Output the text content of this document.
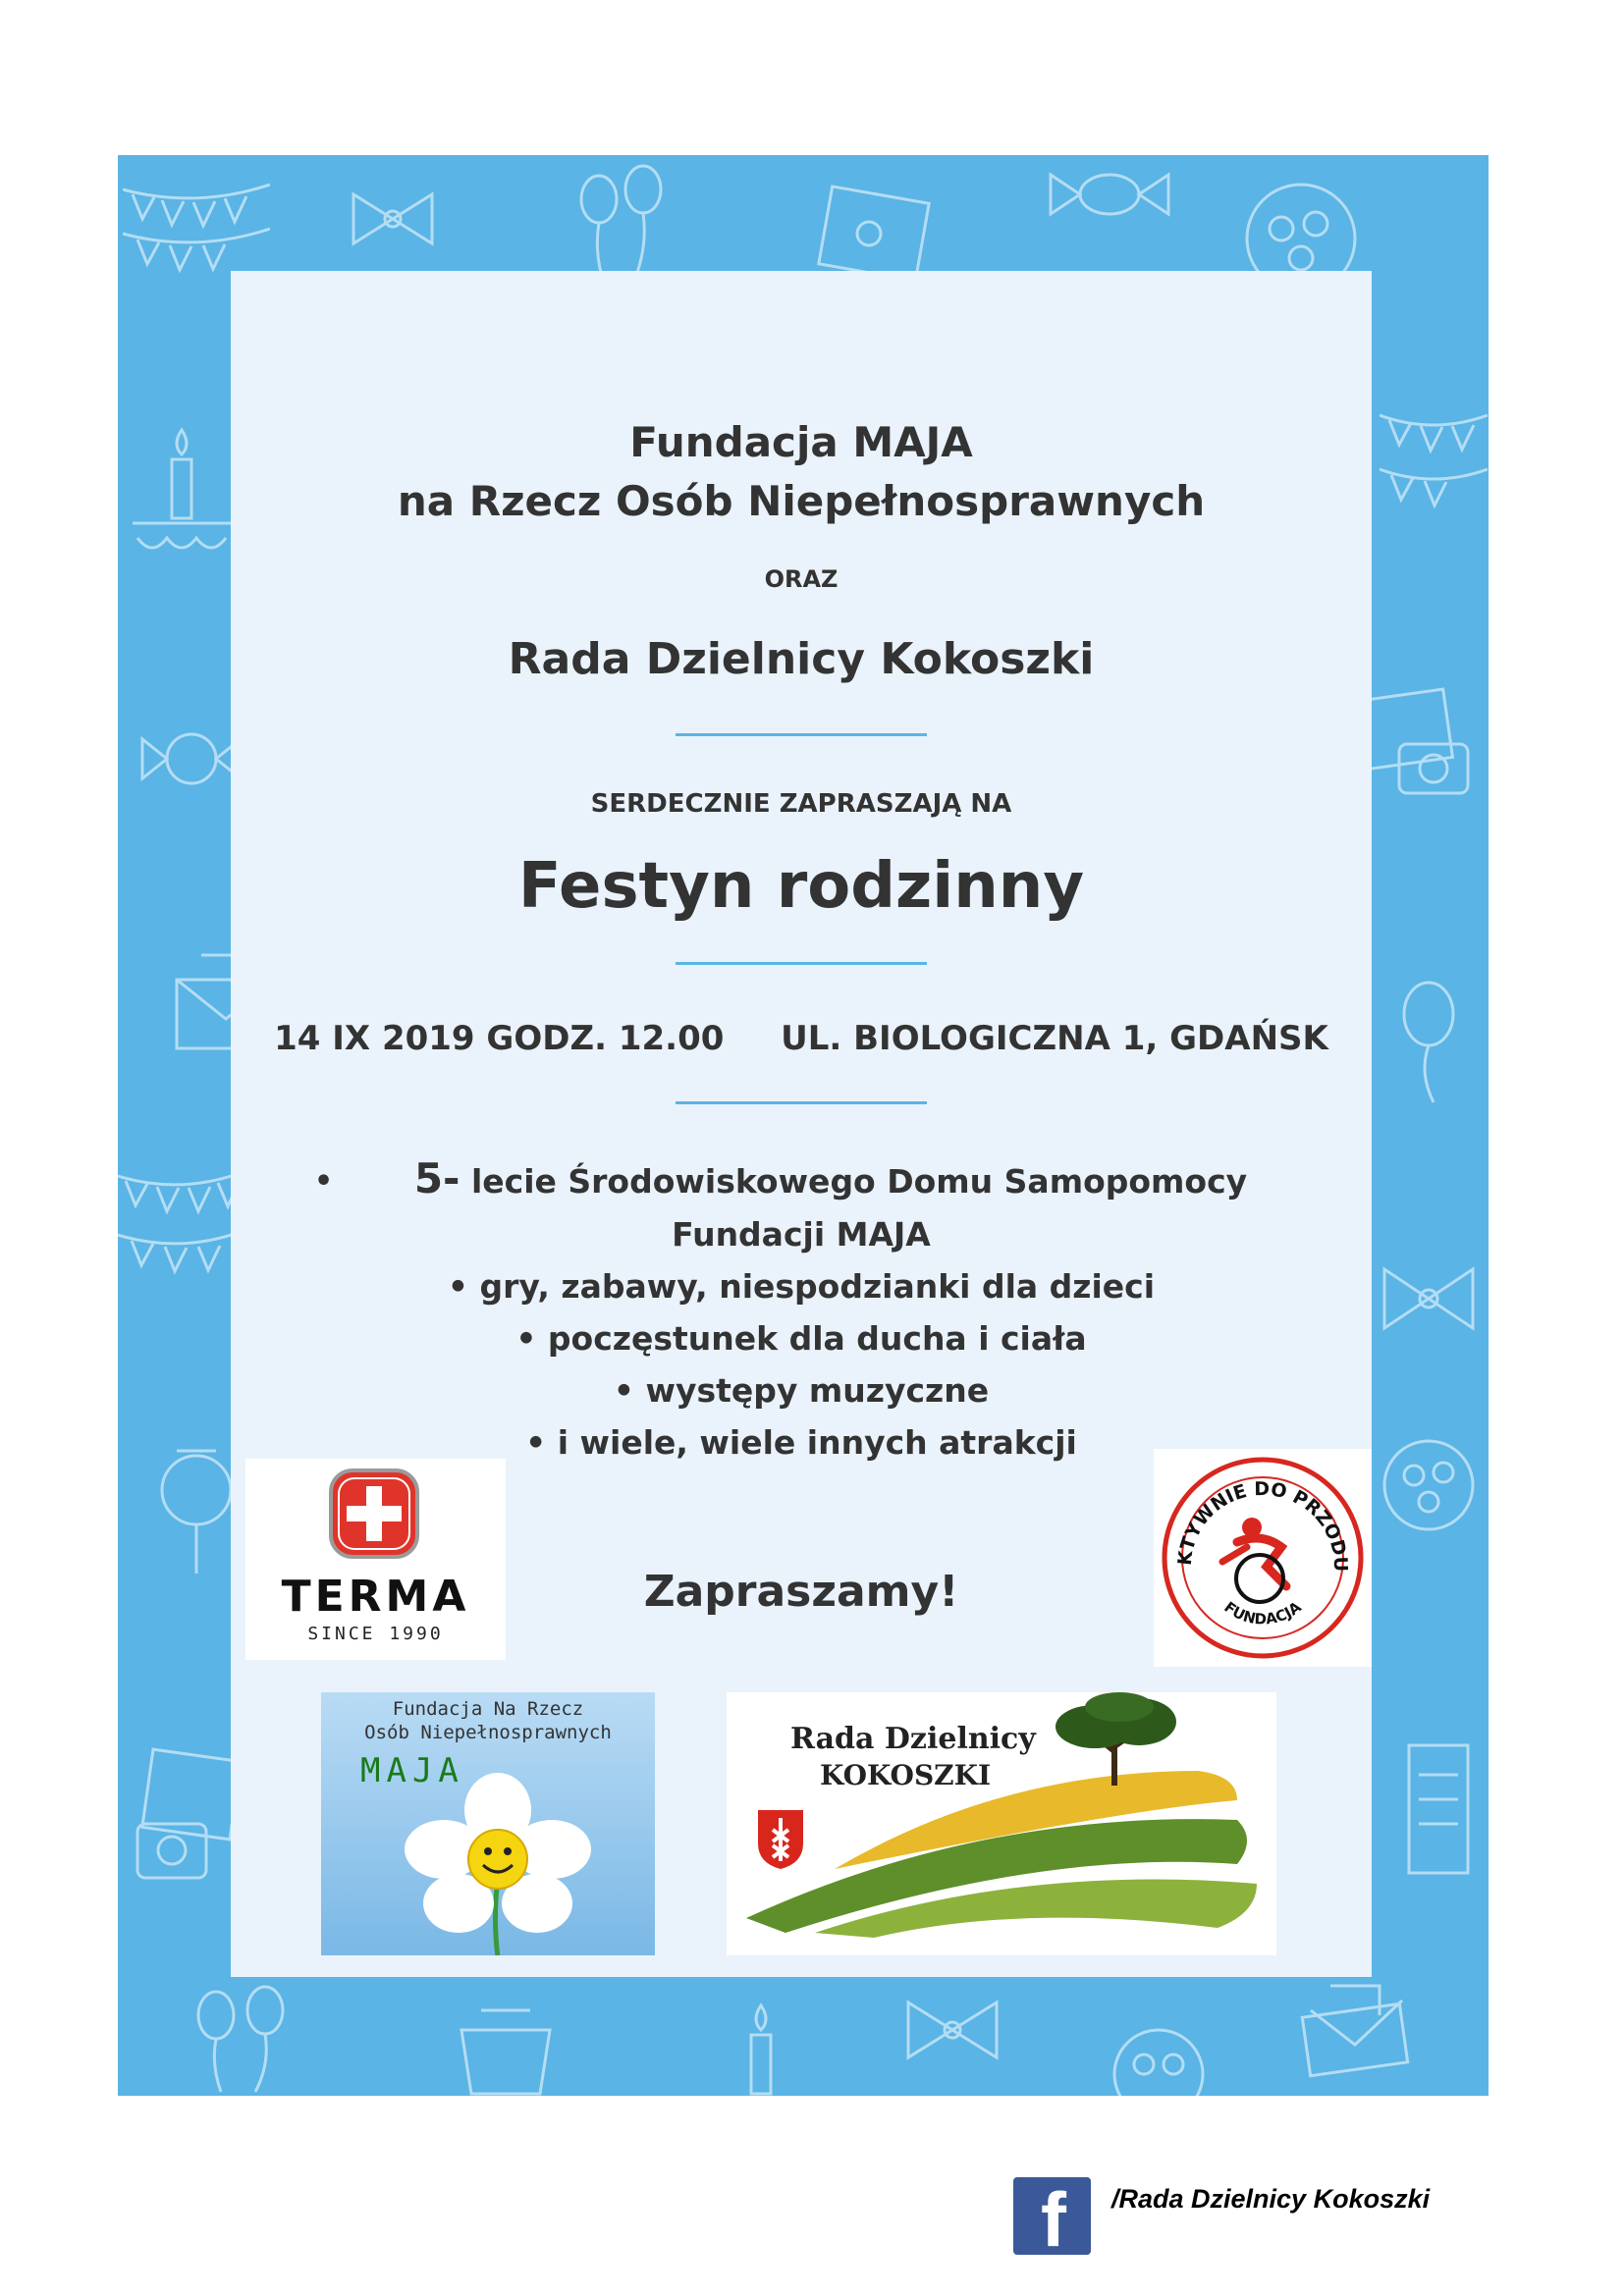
Fundacja MAJA
na Rzecz Osób Niepełnosprawnych
ORAZ
Rada Dzielnicy Kokoszki
SERDECZNIE ZAPRASZAJĄ NA
Festyn rodzinny
14 IX 2019 GODZ. 12.00 UL. BIOLOGICZNA 1, GDAŃSK
•	5- lecie Środowiskowego Domu Samopomocy
Fundacji MAJA
• gry, zabawy, niespodzianki dla dzieci
• poczęstunek dla ducha i ciała
• występy muzyczne
• i wiele, wiele innych atrakcji
Zapraszamy!
TERMA
SINCE 1990
KTYWNIE DO PRZODU
FUNDACJA
Fundacja Na Rzecz
Osób Niepełnosprawnych
MAJA
Rada Dzielnicy
KOKOSZKI
f /Rada Dzielnicy Kokoszki
